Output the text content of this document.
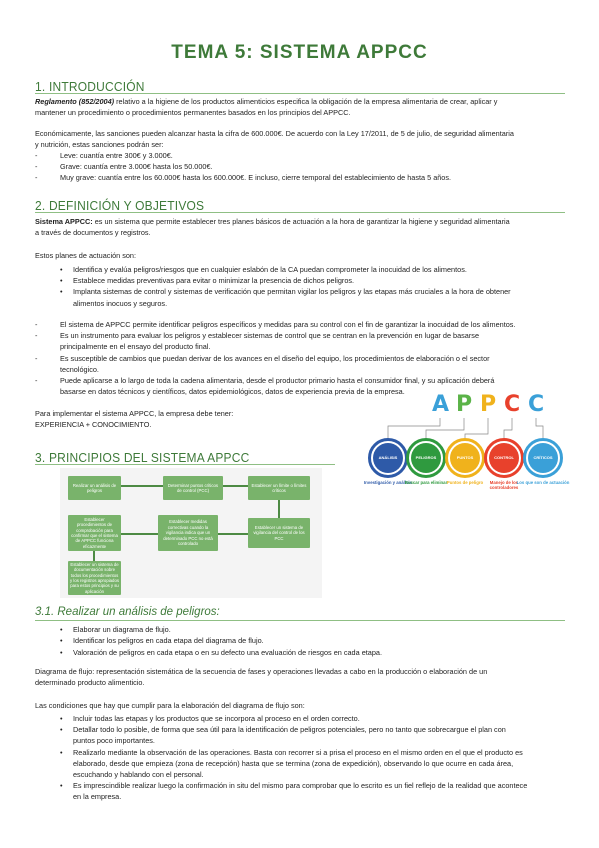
TEMA 5: SISTEMA APPCC
1. INTRODUCCIÓN
Reglamento (852/2004) relativo a la higiene de los productos alimenticios especifica la obligación de la empresa alimentaria de crear, aplicar y
mantener un procedimiento o procedimientos permanentes basados en los principios del APPCC.
Económicamente, las sanciones pueden alcanzar hasta la cifra de 600.000€. De acuerdo con la Ley 17/2011, de 5 de julio, de seguridad alimentaria
y nutrición, estas sanciones podrán ser:
- Leve: cuantía entre 300€ y 3.000€.
- Grave: cuantía entre 3.000€ hasta los 50.000€.
- Muy grave: cuantía entre los 60.000€ hasta los 600.000€. E incluso, cierre temporal del establecimiento de hasta 5 años.
2. DEFINICIÓN Y OBJETIVOS
Sistema APPCC: es un sistema que permite establecer tres planes básicos de actuación a la hora de garantizar la higiene y seguridad alimentaria
a través de documentos y registros.
Estos planes de actuación son:
• Identifica y evalúa peligros/riesgos que en cualquier eslabón de la CA puedan comprometer la inocuidad de los alimentos.
• Establece medidas preventivas para evitar o minimizar la presencia de dichos peligros.
• Implanta sistemas de control y sistemas de verificación que permitan vigilar los peligros y las etapas más cruciales a la hora de obtener
alimentos inocuos y seguros.
- El sistema de APPCC permite identificar peligros específicos y medidas para su control con el fin de garantizar la inocuidad de los alimentos.
- Es un instrumento para evaluar los peligros y establecer sistemas de control que se centran en la prevención en lugar de basarse
principalmente en el ensayo del producto final.
- Es susceptible de cambios que puedan derivar de los avances en el diseño del equipo, los procedimientos de elaboración o el sector
tecnológico.
- Puede aplicarse a lo largo de toda la cadena alimentaria, desde el productor primario hasta el consumidor final, y su aplicación deberá
basarse en datos técnicos y científicos, datos epidemiológicos, datos de experiencia previa de la empresa.
Para implementar el sistema APPCC, la empresa debe tener:
EXPERIENCIA + CONOCIMIENTO.
A P P C C
ANÁLISIS
Investigación y análisis
PELIGROS
Buscar para eliminar
PUNTOS
Puntos de peligro
CONTROL
Manejo de los controladores
CRÍTICOS
Los que son de actuación
3. PRINCIPIOS DEL SISTEMA APPCC
Realizar un análisis de peligros
Determinar puntos críticos de control (PCC)
Establecer un límite o límites críticos
Establecer medidas correctivas cuando la vigilancia indica que un determinado PCC no está controlado
Establecer un sistema de vigilancia del control de los PCC
Establecer procedimientos de comprobación para confirmar que el sistema de APPCC funciona eficazmente
Establecer un sistema de documentación sobre todos los procedimientos y los registros apropiados para estos principios y su aplicación
3.1. Realizar un análisis de peligros:
• Elaborar un diagrama de flujo.
• Identificar los peligros en cada etapa del diagrama de flujo.
• Valoración de peligros en cada etapa o en su defecto una evaluación de riesgos en cada etapa.
Diagrama de flujo: representación sistemática de la secuencia de fases y operaciones llevadas a cabo en la producción o elaboración de un
determinado producto alimenticio.
Las condiciones que hay que cumplir para la elaboración del diagrama de flujo son:
• Incluir todas las etapas y los productos que se incorpora al proceso en el orden correcto.
• Detallar todo lo posible, de forma que sea útil para la identificación de peligros potenciales, pero no tanto que sobrecargue el plan con
puntos poco importantes.
• Realizarlo mediante la observación de las operaciones. Basta con recorrer si a prisa el proceso en el mismo orden en el que el producto es
elaborado, desde que empieza (zona de recepción) hasta que se termina (zona de expedición), observando lo que ocurre en cada área,
escuchando y hablando con el personal.
• Es imprescindible realizar luego la confirmación in situ del mismo para comprobar que lo escrito es un fiel reflejo de la realidad que acontece
en la empresa.
